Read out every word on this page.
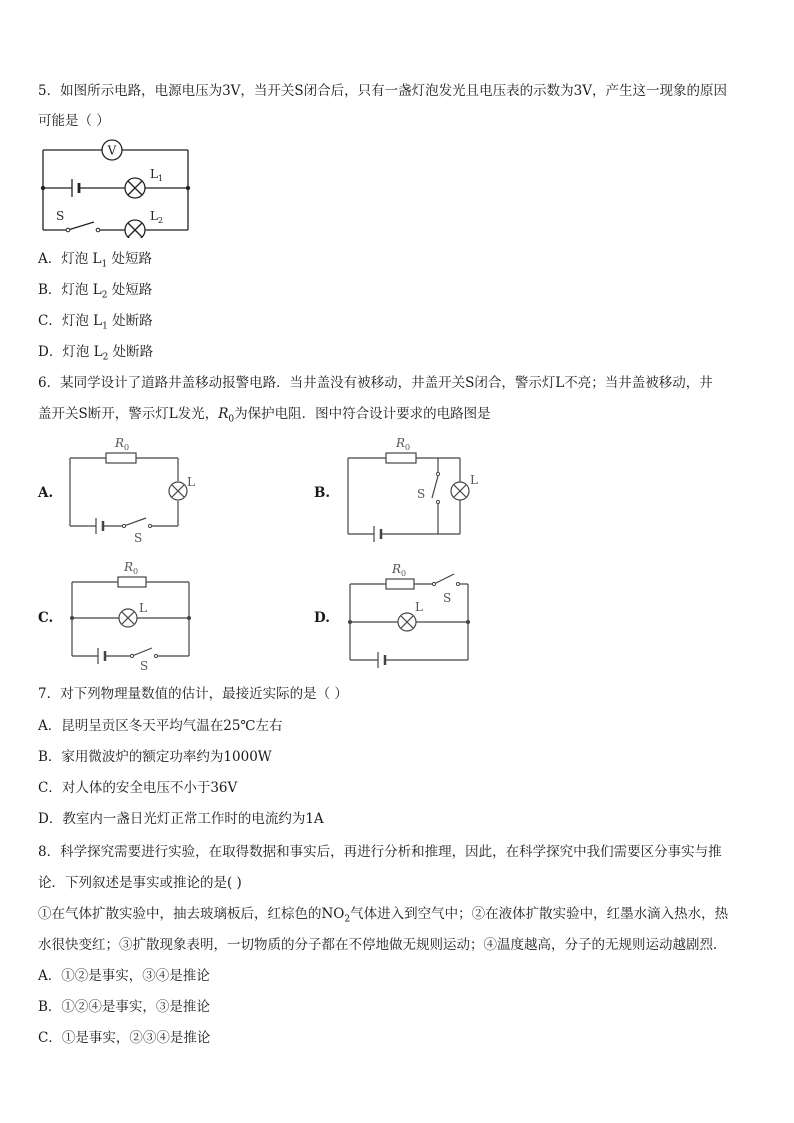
5．如图所示电路，电源电压为3V，当开关S闭合后，只有一盏灯泡发光且电压表的示数为3V，产生这一现象的原因
可能是（ ）
V
$L_1$
$L_2$
S
A．灯泡 $L_1$ 处短路
B．灯泡 $L_2$ 处短路
C．灯泡 $L_1$ 处断路
D．灯泡 $L_2$ 处断路
6．某同学设计了道路井盖移动报警电路．当井盖没有被移动，井盖开关S闭合，警示灯L不亮；当井盖被移动，井
盖开关S断开，警示灯L发光，$R_0$为保护电阻．图中符合设计要求的电路图是
A.
$R_0$
L
S
B.
$R_0$
L
S
C.
$R_0$
L
S
D.
$R_0$
L
S
7．对下列物理量数值的估计，最接近实际的是（ ）
A．昆明呈贡区冬天平均气温在25℃左右
B．家用微波炉的额定功率约为1000W
C．对人体的安全电压不小于36V
D．教室内一盏日光灯正常工作时的电流约为1A
8．科学探究需要进行实验，在取得数据和事实后，再进行分析和推理，因此，在科学探究中我们需要区分事实与推
论．下列叙述是事实或推论的是( )
①在气体扩散实验中，抽去玻璃板后，红棕色的$NO_2$气体进入到空气中；②在液体扩散实验中，红墨水滴入热水，热
水很快变红；③扩散现象表明，一切物质的分子都在不停地做无规则运动；④温度越高，分子的无规则运动越剧烈．
A．①②是事实，③④是推论
B．①②④是事实，③是推论
C．①是事实，②③④是推论
